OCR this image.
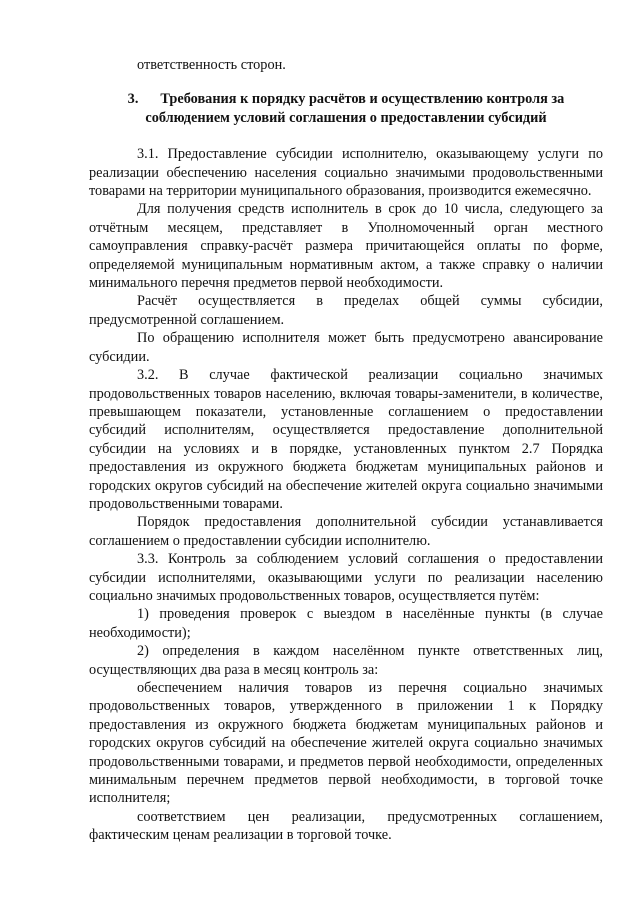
ответственность сторон.

3. Требования к порядку расчётов и осуществлению контроля за
соблюдением условий соглашения о предоставлении субсидий

3.1. Предоставление субсидии исполнителю, оказывающему услуги по реализации обеспечению населения социально значимыми продовольственными товарами на территории муниципального образования, производится ежемесячно.

Для получения средств исполнитель в срок до 10 числа, следующего за отчётным месяцем, представляет в Уполномоченный орган местного самоуправления справку-расчёт размера причитающейся оплаты по форме, определяемой муниципальным нормативным актом, а также справку о наличии минимального перечня предметов первой необходимости.

Расчёт осуществляется в пределах общей суммы субсидии, предусмотренной соглашением.

По обращению исполнителя может быть предусмотрено авансирование субсидии.

3.2. В случае фактической реализации социально значимых продовольственных товаров населению, включая товары-заменители, в количестве, превышающем показатели, установленные соглашением о предоставлении субсидий исполнителям, осуществляется предоставление дополнительной субсидии на условиях и в порядке, установленных пунктом 2.7 Порядка предоставления из окружного бюджета бюджетам муниципальных районов и городских округов субсидий на обеспечение жителей округа социально значимыми продовольственными товарами.

Порядок предоставления дополнительной субсидии устанавливается соглашением о предоставлении субсидии исполнителю.

3.3. Контроль за соблюдением условий соглашения о предоставлении субсидии исполнителями, оказывающими услуги по реализации населению социально значимых продовольственных товаров, осуществляется путём:

1) проведения проверок с выездом в населённые пункты (в случае необходимости);

2) определения в каждом населённом пункте ответственных лиц, осуществляющих два раза в месяц контроль за:

обеспечением наличия товаров из перечня социально значимых продовольственных товаров, утвержденного в приложении 1 к Порядку предоставления из окружного бюджета бюджетам муниципальных районов и городских округов субсидий на обеспечение жителей округа социально значимых продовольственными товарами, и предметов первой необходимости, определенных минимальным перечнем предметов первой необходимости, в торговой точке исполнителя;

соответствием цен реализации, предусмотренных соглашением, фактическим ценам реализации в торговой точке.
